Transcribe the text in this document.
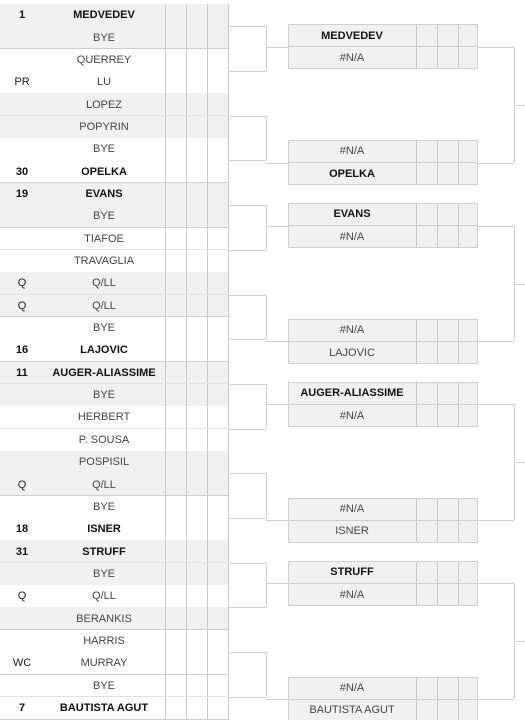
1	MEDVEDEV
BYE
QUERREY
PR	LU
LOPEZ
POPYRIN
BYE
30	OPELKA
19	EVANS
BYE
TIAFOE
TRAVAGLIA
Q	Q/LL
Q	Q/LL
BYE
16	LAJOVIC
11	AUGER-ALIASSIME
BYE
HERBERT
P. SOUSA
POSPISIL
Q	Q/LL
BYE
18	ISNER
31	STRUFF
BYE
Q	Q/LL
BERANKIS
HARRIS
WC	MURRAY
BYE
7	BAUTISTA AGUT
MEDVEDEV
#N/A
#N/A
OPELKA
EVANS
#N/A
#N/A
LAJOVIC
AUGER-ALIASSIME
#N/A
#N/A
ISNER
STRUFF
#N/A
#N/A
BAUTISTA AGUT
